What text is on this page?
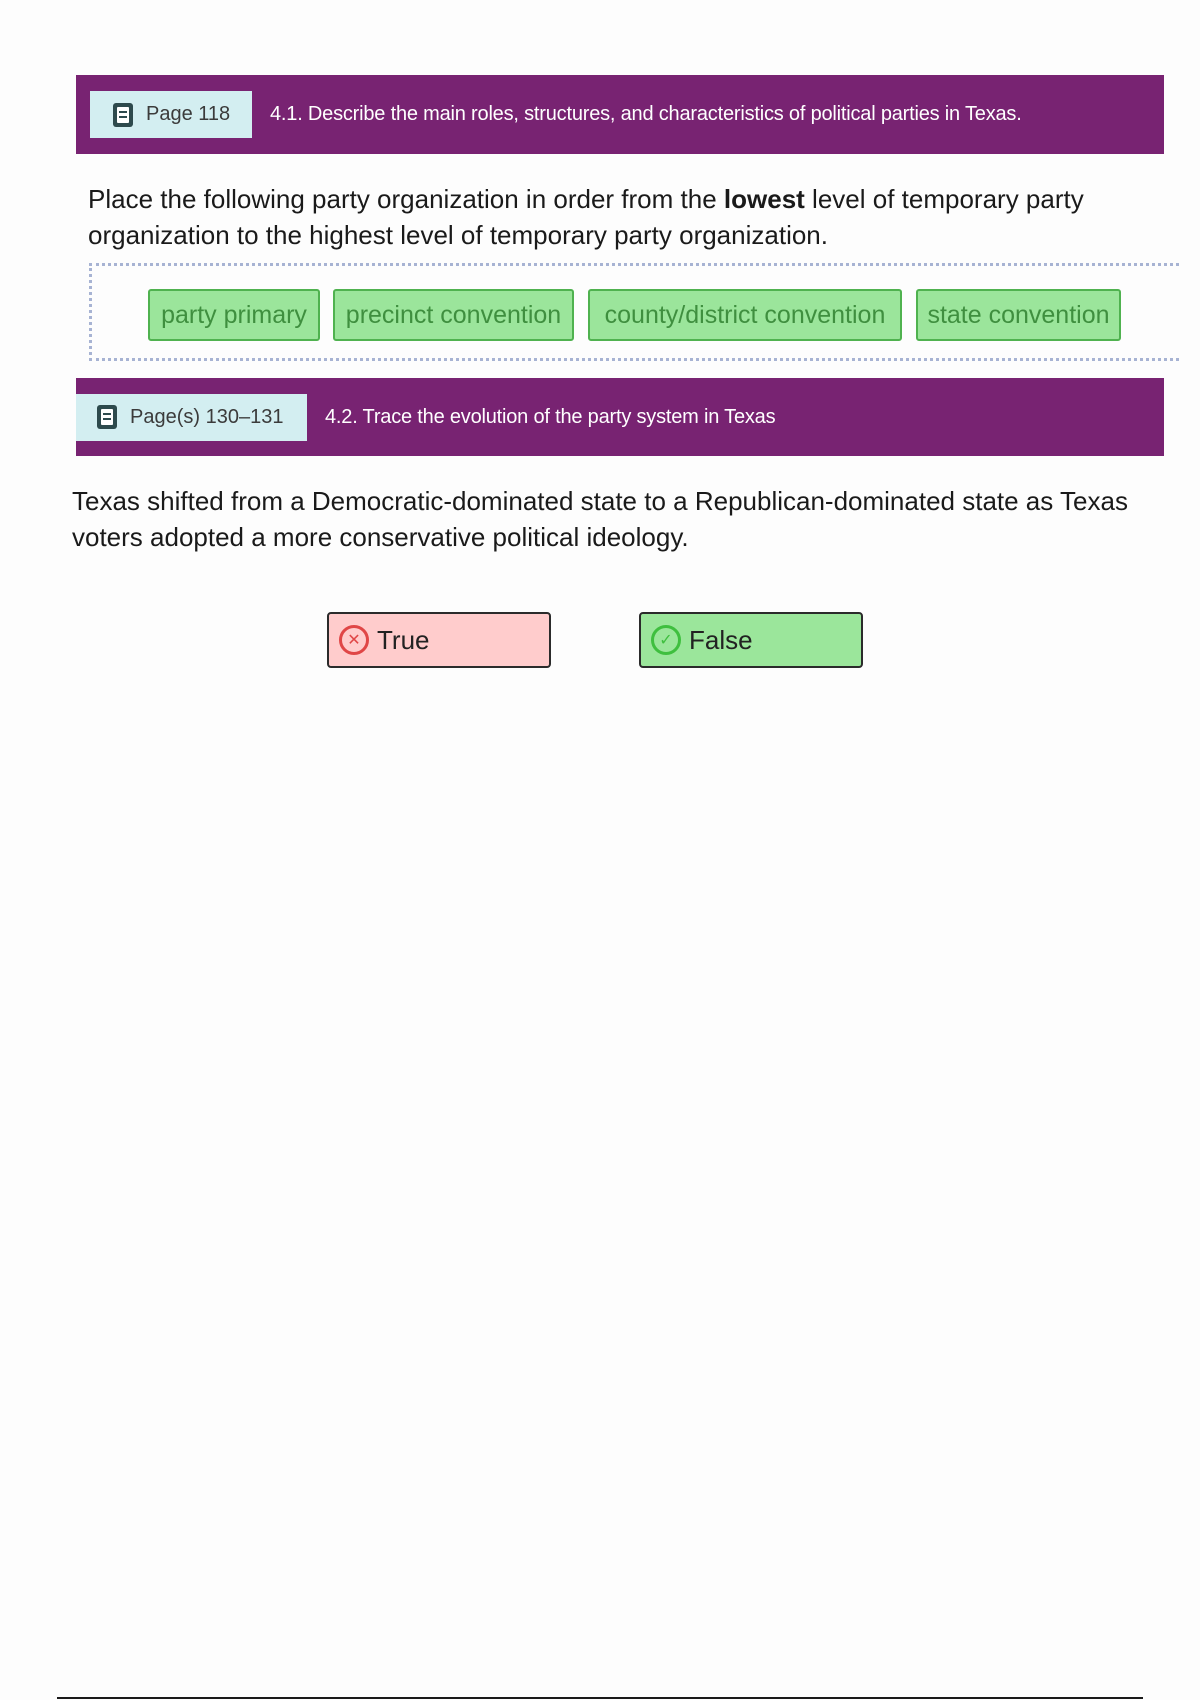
Page 118 4.1. Describe the main roles, structures, and characteristics of political parties in Texas.
Place the following party organization in order from the lowest level of temporary party organization to the highest level of temporary party organization.
party primary	precinct convention	county/district convention	state convention
Page(s) 130–131 4.2. Trace the evolution of the party system in Texas
Texas shifted from a Democratic-dominated state to a Republican-dominated state as Texas voters adopted a more conservative political ideology.
✕ True	✓ False
